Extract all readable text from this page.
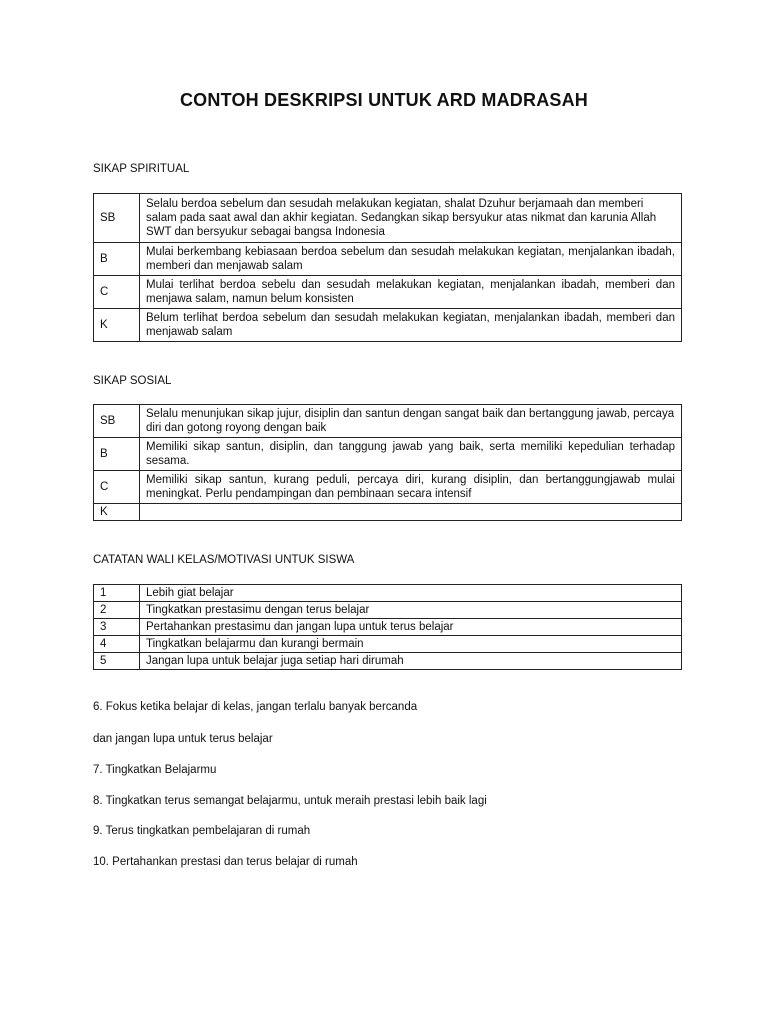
CONTOH DESKRIPSI UNTUK ARD MADRASAH
SIKAP SPIRITUAL
SB	Selalu berdoa sebelum dan sesudah melakukan kegiatan, shalat Dzuhur berjamaah dan memberi salam pada saat awal dan akhir kegiatan. Sedangkan sikap bersyukur atas nikmat dan karunia Allah SWT dan bersyukur sebagai bangsa Indonesia
B	Mulai berkembang kebiasaan berdoa sebelum dan sesudah melakukan kegiatan, menjalankan ibadah, memberi dan menjawab salam
C	Mulai terlihat berdoa sebelu dan sesudah melakukan kegiatan, menjalankan ibadah, memberi dan menjawa salam, namun belum konsisten
K	Belum terlihat berdoa sebelum dan sesudah melakukan kegiatan, menjalankan ibadah, memberi dan menjawab salam
SIKAP SOSIAL
SB	Selalu menunjukan sikap jujur, disiplin dan santun dengan sangat baik dan bertanggung jawab, percaya diri dan gotong royong dengan baik
B	Memiliki sikap santun, disiplin, dan tanggung jawab yang baik, serta memiliki kepedulian terhadap sesama.
C	Memiliki sikap santun, kurang peduli, percaya diri, kurang disiplin, dan bertanggungjawab mulai meningkat. Perlu pendampingan dan pembinaan secara intensif
K	
CATATAN WALI KELAS/MOTIVASI UNTUK SISWA
1	Lebih giat belajar
2	Tingkatkan prestasimu dengan terus belajar
3	Pertahankan prestasimu dan jangan lupa untuk terus belajar
4	Tingkatkan belajarmu dan kurangi bermain
5	Jangan lupa untuk belajar juga setiap hari dirumah
6. Fokus ketika belajar di kelas, jangan terlalu banyak bercanda
dan jangan lupa untuk terus belajar
7. Tingkatkan Belajarmu
8. Tingkatkan terus semangat belajarmu, untuk meraih prestasi lebih baik lagi
9. Terus tingkatkan pembelajaran di rumah
10. Pertahankan prestasi dan terus belajar di rumah
